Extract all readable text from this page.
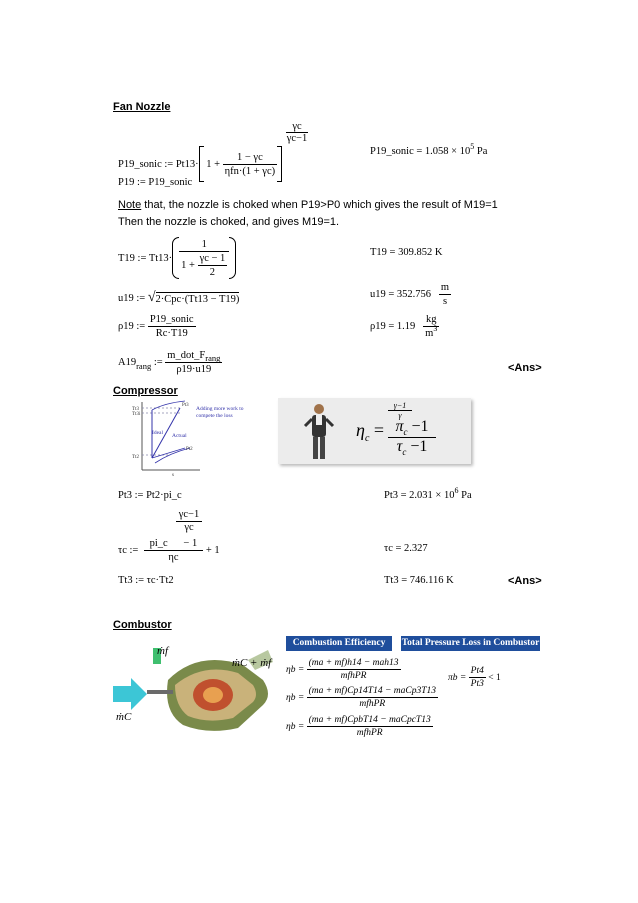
Fan Nozzle
$\frac{\gamma c}{\gamma c-1}$
P19_sonic :=
Pt13·
1 +

1 − γc
ηfn·(1 + γc)
P19_sonic = $1.058 \times 10^5$ Pa
P19 := P19_sonic
Note that, the nozzle is choked when P19>P0 which gives the result of M19=1
Then the nozzle is choked, and gives M19=1.
T19 := Tt13· 1
1 +
$\frac{\gamma c - 1}{2}$	T19 = 309.852 K
u19 :=
√ 2·Cpc·(Tt13 − T19)	u19 = 352.756
$\frac{m}{s}$
ρ19 :=

P19_sonic
Rc·T19
ρ19 = 1.19
$\frac{kg}{m^3}$
A19 rang
:=

$m\_dot\_F_{rang}$
ρ19·u19	<Ans>
Compressor
Tt3
Tt3i
Tt2
Pt3
Pt2
s
Ideal Actual
Adding more work to
compete the loss
$\eta_c$ =
$\frac{\gamma-1}{\gamma}$
$\frac{\pi_c -1}{\tau_c -1}$
Pt3 := Pt2·pi_c	$Pt3 = 2.031 \times 10^6$ Pa
$\frac{\gamma c-1}{\gamma c}$
τc :=
$\frac{pi\_c - 1}{\eta c}$
+ 1	τc = 2.327
Tt3 := τc·Tt2	Tt3 = 746.116 K	<Ans>
Combustor
ṁf
ṁC + ṁf
ṁC
Combustion Efficiency	Total Pressure Loss in Combustor
ηb =

(ma + mf)h14 − mah13
mfhPR
ηb =

(ma + mf)Cp14T14 − maCp3T13
mfhPR
ηb =

(ma + mf)CpbT14 − maCpcT13
mfhPR
πb =
$\frac{Pt4}{Pt3}$
< 1
